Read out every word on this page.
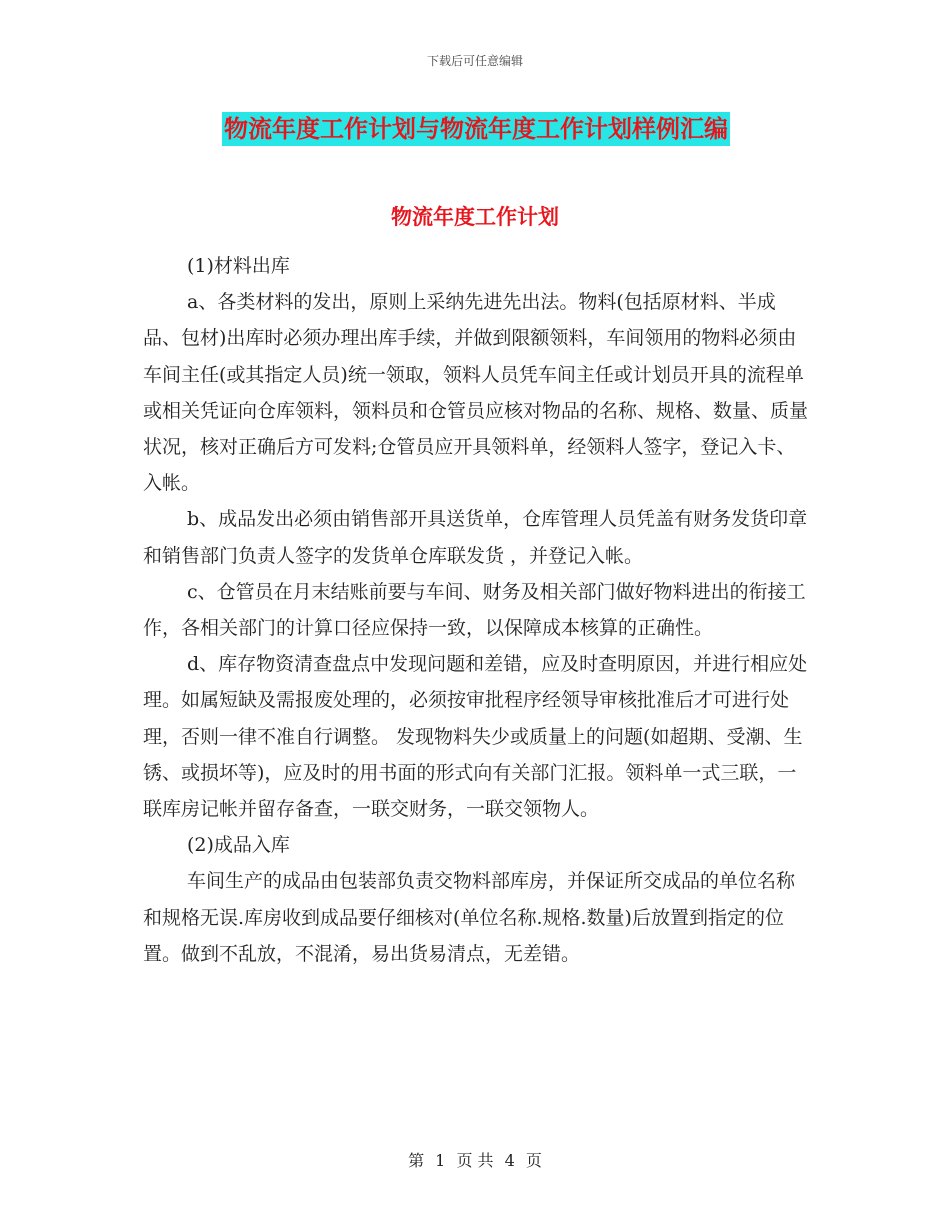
下载后可任意编辑
物流年度工作计划与物流年度工作计划样例汇编
物流年度工作计划

(1)材料出库

a、各类材料的发出，原则上采纳先进先出法。物料(包括原材料、半成品、包材)出库时必须办理出库手续，并做到限额领料，车间领用的物料必须由车间主任(或其指定人员)统一领取，领料人员凭车间主任或计划员开具的流程单或相关凭证向仓库领料，领料员和仓管员应核对物品的名称、规格、数量、质量状况，核对正确后方可发料;仓管员应开具领料单，经领料人签字，登记入卡、入帐。

b、成品发出必须由销售部开具送货单，仓库管理人员凭盖有财务发货印章和销售部门负责人签字的发货单仓库联发货 ，并登记入帐。

c、仓管员在月末结账前要与车间、财务及相关部门做好物料进出的衔接工作，各相关部门的计算口径应保持一致，以保障成本核算的正确性。

d、库存物资清查盘点中发现问题和差错，应及时查明原因，并进行相应处理。如属短缺及需报废处理的，必须按审批程序经领导审核批准后才可进行处理，否则一律不准自行调整。 发现物料失少或质量上的问题(如超期、受潮、生锈、或损坏等)，应及时的用书面的形式向有关部门汇报。领料单一式三联，一联库房记帐并留存备查，一联交财务，一联交领物人。

(2)成品入库

车间生产的成品由包装部负责交物料部库房，并保证所交成品的单位名称和规格无误.库房收到成品要仔细核对(单位名称.规格.数量)后放置到指定的位置。做到不乱放，不混淆，易出货易清点，无差错。

第 1 页 共 4 页
